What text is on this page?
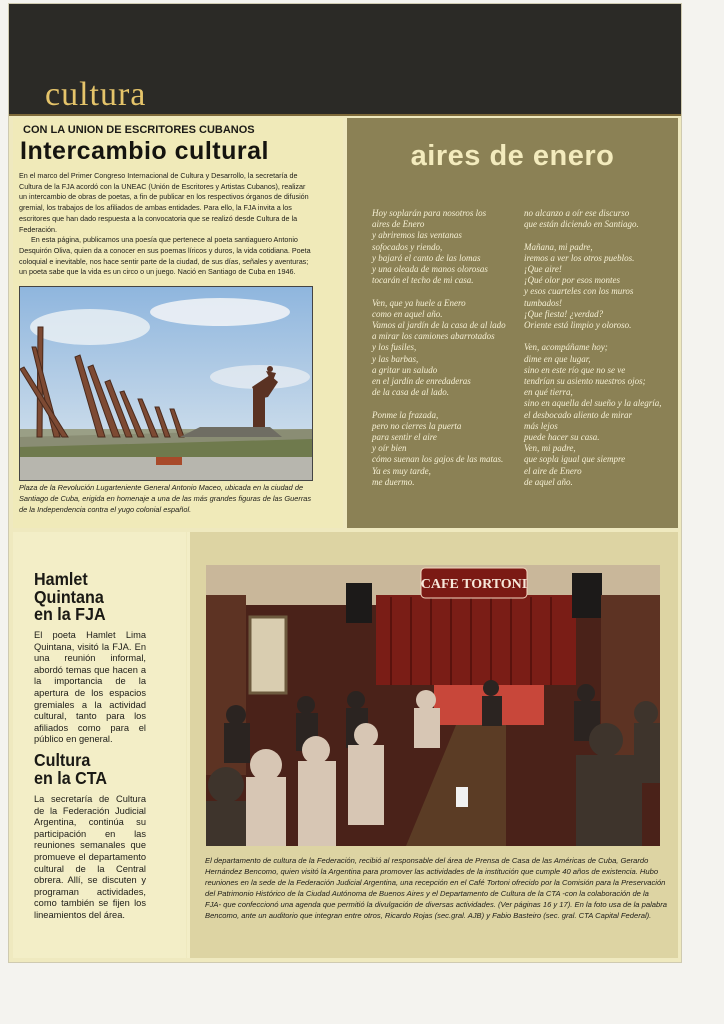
cultura
CON LA UNION DE ESCRITORES CUBANOS
Intercambio cultural

En el marco del Primer Congreso Internacional de Cultura y Desarrollo, la secretaría de Cultura de la FJA acordó con la UNEAC (Unión de Escritores y Artistas Cubanos), realizar un intercambio de obras de poetas, a fin de publicar en los respectivos órganos de difusión gremial, los trabajos de los afiliados de ambas entidades. Para ello, la FJA invita a los escritores que han dado respuesta a la convocatoria que se realizó desde Cultura de la Federación.

En esta página, publicamos una poesía que pertenece al poeta santiaguero Antonio Desquirón Oliva, quien da a conocer en sus poemas líricos y duros, la vida cotidiana. Poeta coloquial e inevitable, nos hace sentir parte de la ciudad, de sus días, señales y aventuras; un poeta sabe que la vida es un circo o un juego. Nació en Santiago de Cuba en 1946.

Plaza de la Revolución Lugarteniente General Antonio Maceo, ubicada en la ciudad de Santiago de Cuba, erigida en homenaje a una de las más grandes figuras de las Guerras de la Independencia contra el yugo colonial español.
aires de enero
Hoy soplarán para nosotros los
aires de Enero
y abriremos las ventanas
sofocados y riendo,
y bajará el canto de las lomas
y una oleada de manos olorosas
tocarán el techo de mi casa.
Ven, que ya huele a Enero
como en aquel año.
Vamos al jardín de la casa de al lado
a mirar los camiones abarrotados
y los fusiles,
y las barbas,
a gritar un saludo
en el jardín de enredaderas
de la casa de al lado.
Ponme la frazada,
pero no cierres la puerta
para sentir el aire
y oír bien
cómo suenan los gajos de las matas.
Ya es muy tarde,
me duermo.
no alcanzo a oír ese discurso
que están diciendo en Santiago.
Mañana, mi padre,
iremos a ver los otros pueblos.
¡Que aire!
¡Qué olor por esos montes
y esos cuarteles con los muros
tumbados!
¡Que fiesta! ¿verdad?
Oriente está limpio y oloroso.
Ven, acompáñame hoy;
dime en que lugar,
sino en este río que no se ve
tendrían su asiento nuestros ojos;
en qué tierra,
sino en aquella del sueño y la alegría,
el desbocado aliento de mirar
más lejos
puede hacer su casa.
Ven, mi padre,
que sopla igual que siempre
el aire de Enero
de aquel año.
Hamlet
Quintana
en la FJA
El poeta Hamlet Lima Quintana, visitó la FJA. En una reunión informal, abordó temas que hacen a la importancia de la apertura de los espacios gremiales a la actividad cultural, tanto para los afiliados como para el público en general.
Cultura
en la CTA
La secretaría de Cultura de la Federación Judicial Argentina, continúa su participación en las reuniones semanales que promueve el departamento cultural de la Central obrera. Allí, se discuten y programan actividades, como también se fijen los lineamientos del área.
CAFE TORTONI
El departamento de cultura de la Federación, recibió al responsable del área de Prensa de Casa de las Américas de Cuba, Gerardo Hernández Bencomo, quien visitó la Argentina para promover las actividades de la institución que cumple 40 años de existencia. Hubo reuniones en la sede de la Federación Judicial Argentina, una recepción en el Café Tortoni ofrecido por la Comisión para la Preservación del Patrimonio Histórico de la Ciudad Autónoma de Buenos Aires y el Departamento de Cultura de la CTA -con la colaboración de la FJA- que confeccionó una agenda que permitió la divulgación de diversas actividades. (Ver páginas 16 y 17). En la foto usa de la palabra Bencomo, ante un auditorio que integran entre otros, Ricardo Rojas (sec.gral. AJB) y Fabio Basteiro (sec. gral. CTA Capital Federal).
